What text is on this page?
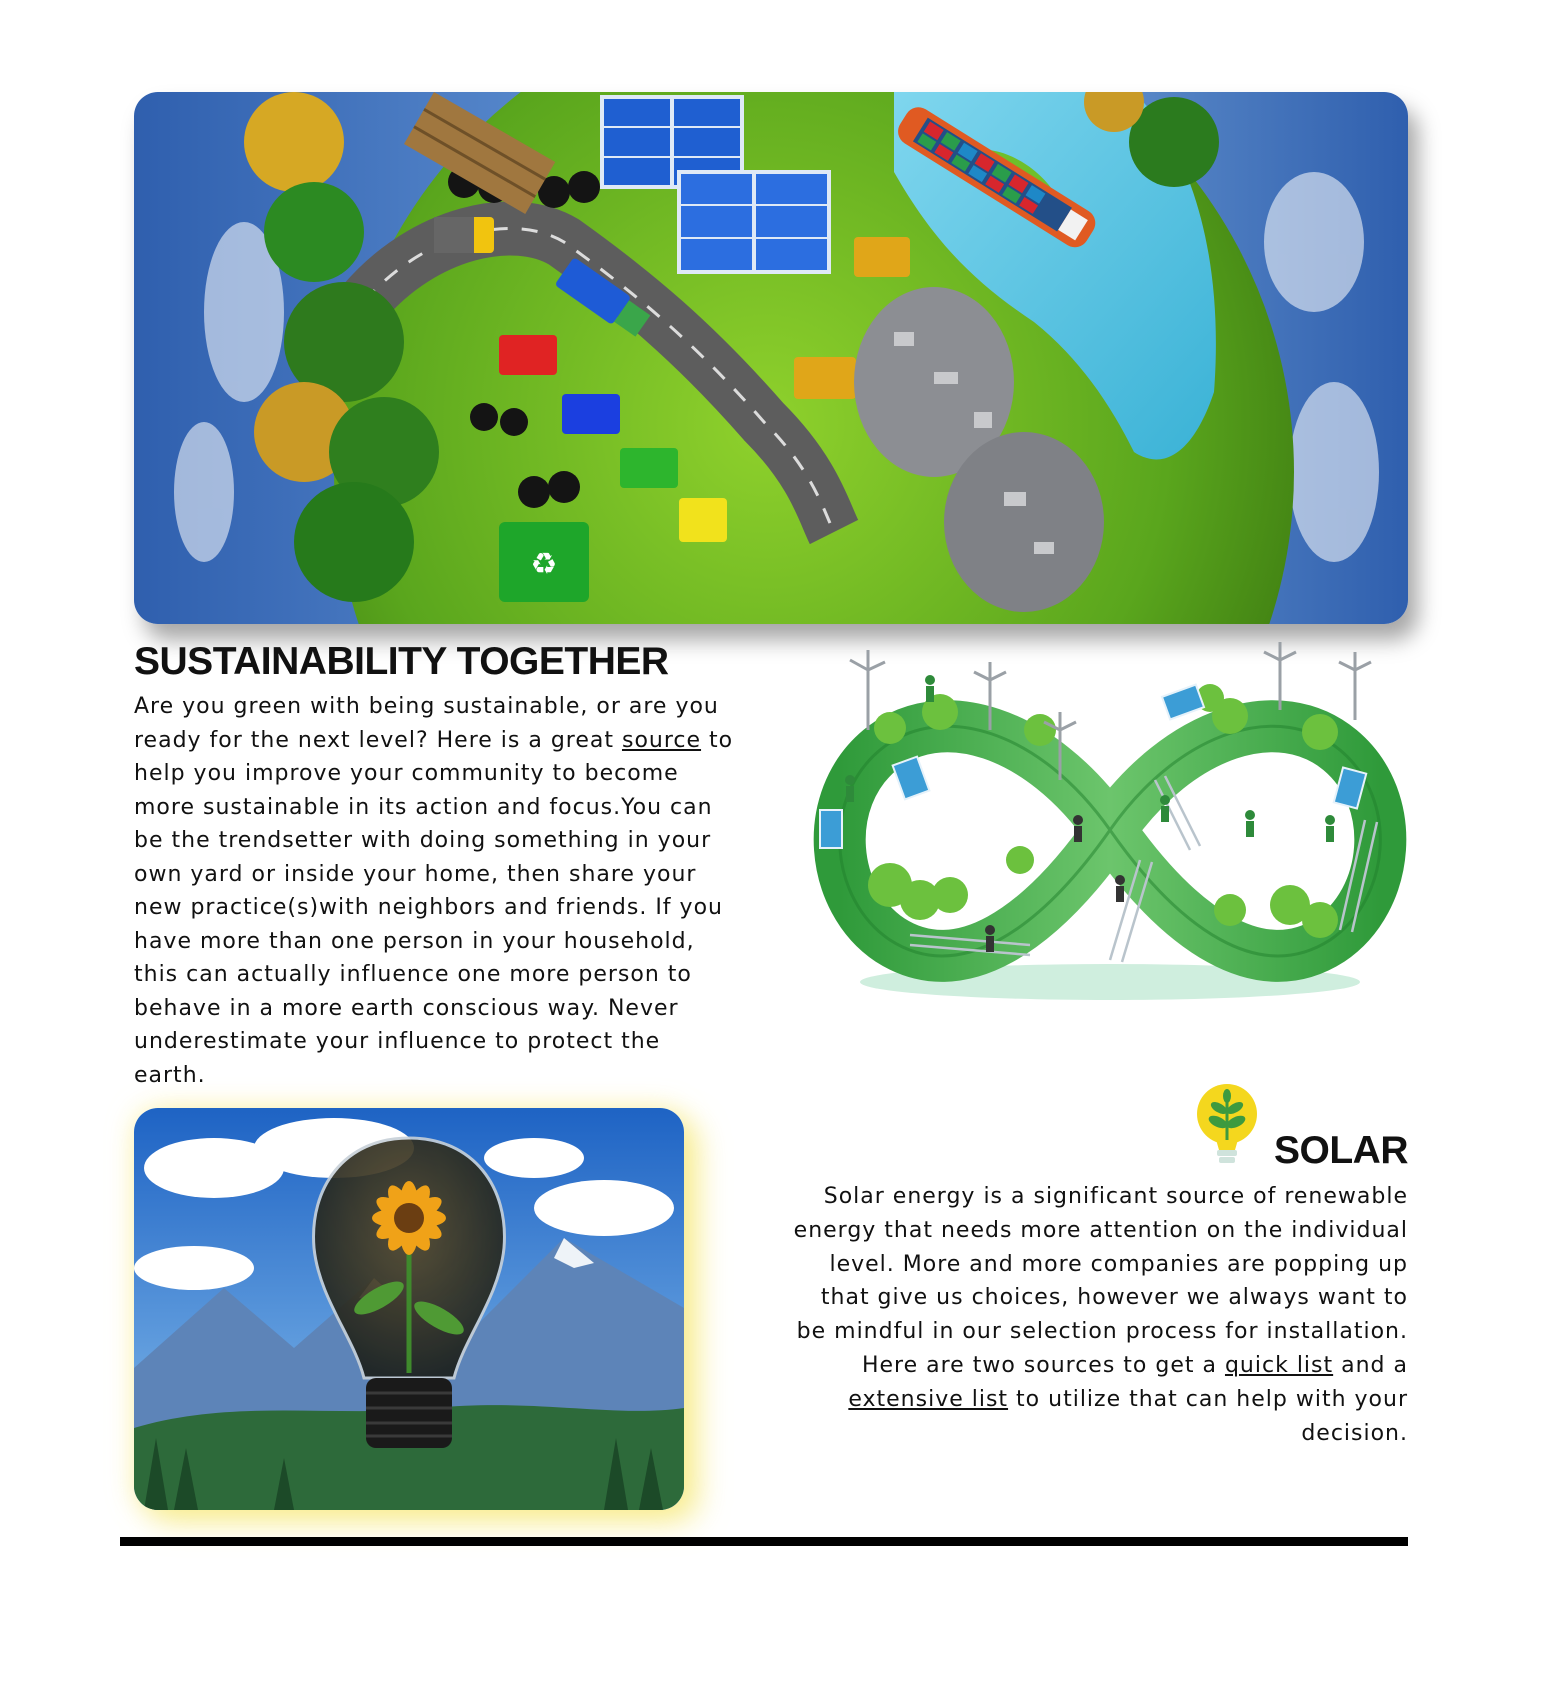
♻
SUSTAINABILITY TOGETHER

Are you green with being sustainable, or are you ready for the next level? Here is a great source to help you improve your community to become more sustainable in its action and focus.You can be the trendsetter with doing something in your own yard or inside your home, then share your new practice(s)with neighbors and friends. If you have more than one person in your household, this can actually influence one more person to behave in a more earth conscious way. Never underestimate your influence to protect the earth.

SOLAR

Solar energy is a significant source of renewable energy that needs more attention on the individual level. More and more companies are popping up that give us choices, however we always want to be mindful in our selection process for installation. Here are two sources to get a quick list and a extensive list to utilize that can help with your decision.
